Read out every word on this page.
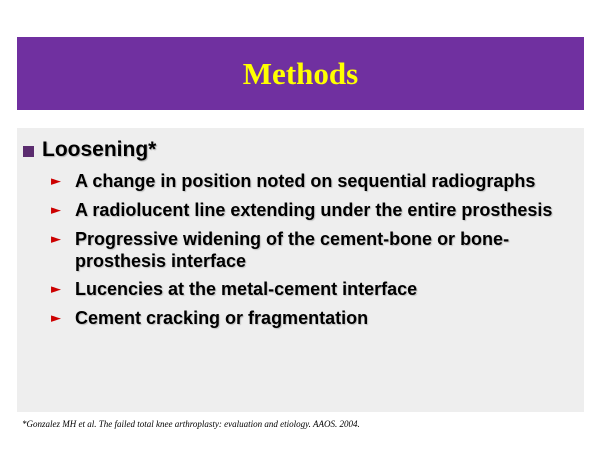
Methods
Loosening*
► A change in position noted on sequential radiographs
► A radiolucent line extending under the entire prosthesis
► Progressive widening of the cement-bone or bone-prosthesis interface
► Lucencies at the metal-cement interface
► Cement cracking or fragmentation
*Gonzalez MH et al. The failed total knee arthroplasty: evaluation and etiology. AAOS. 2004.
